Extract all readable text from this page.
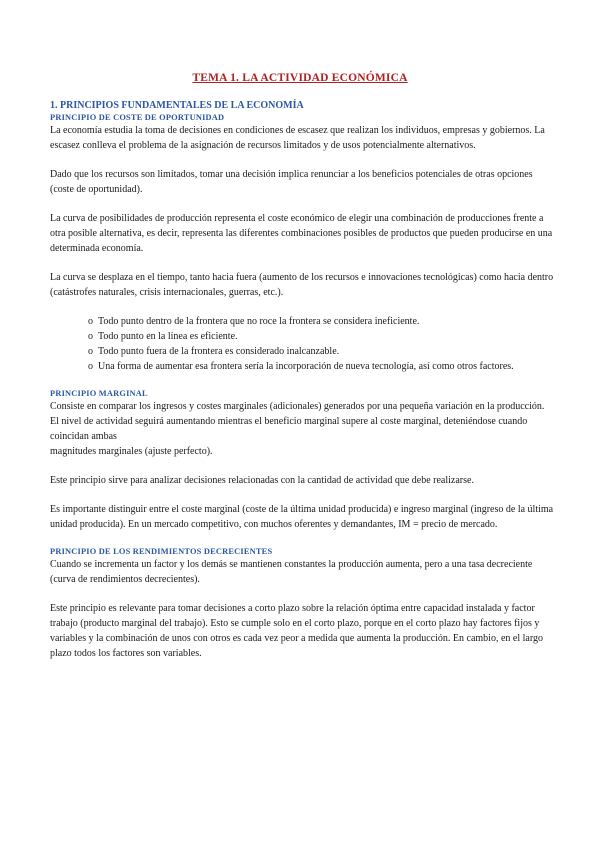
TEMA 1. LA ACTIVIDAD ECONÓMICA
1. PRINCIPIOS FUNDAMENTALES DE LA ECONOMÍA
PRINCIPIO DE COSTE DE OPORTUNIDAD

La economía estudia la toma de decisiones en condiciones de escasez que realizan los individuos, empresas y gobiernos. La escasez conlleva el problema de la asignación de recursos limitados y de usos potencialmente alternativos.

Dado que los recursos son limitados, tomar una decisión implica renunciar a los beneficios potenciales de otras opciones (coste de oportunidad).

La curva de posibilidades de producción representa el coste económico de elegir una combinación de producciones frente a otra posible alternativa, es decir, representa las diferentes combinaciones posibles de productos que pueden producirse en una determinada economía.

La curva se desplaza en el tiempo, tanto hacia fuera (aumento de los recursos e innovaciones tecnológicas) como hacia dentro (catástrofes naturales, crisis internacionales, guerras, etc.).

o Todo punto dentro de la frontera que no roce la frontera se considera ineficiente.
o Todo punto en la línea es eficiente.
o Todo punto fuera de la frontera es considerado inalcanzable.
o Una forma de aumentar esa frontera sería la incorporación de nueva tecnología, así como otros factores.
PRINCIPIO MARGINAL

Consiste en comparar los ingresos y costes marginales (adicionales) generados por una pequeña variación en la producción. El nivel de actividad seguirá aumentando mientras el beneficio marginal supere al coste marginal, deteniéndose cuando coincidan ambas

magnitudes marginales (ajuste perfecto).

Este principio sirve para analizar decisiones relacionadas con la cantidad de actividad que debe realizarse.

Es importante distinguir entre el coste marginal (coste de la última unidad producida) e ingreso marginal (ingreso de la última unidad producida). En un mercado competitivo, con muchos oferentes y demandantes, IM = precio de mercado.

PRINCIPIO DE LOS RENDIMIENTOS DECRECIENTES

Cuando se incrementa un factor y los demás se mantienen constantes la producción aumenta, pero a una tasa decreciente (curva de rendimientos decrecientes).

Este principio es relevante para tomar decisiones a corto plazo sobre la relación óptima entre capacidad instalada y factor trabajo (producto marginal del trabajo). Esto se cumple solo en el corto plazo, porque en el corto plazo hay factores fijos y variables y la combinación de unos con otros es cada vez peor a medida que aumenta la producción. En cambio, en el largo plazo todos los factores son variables.
